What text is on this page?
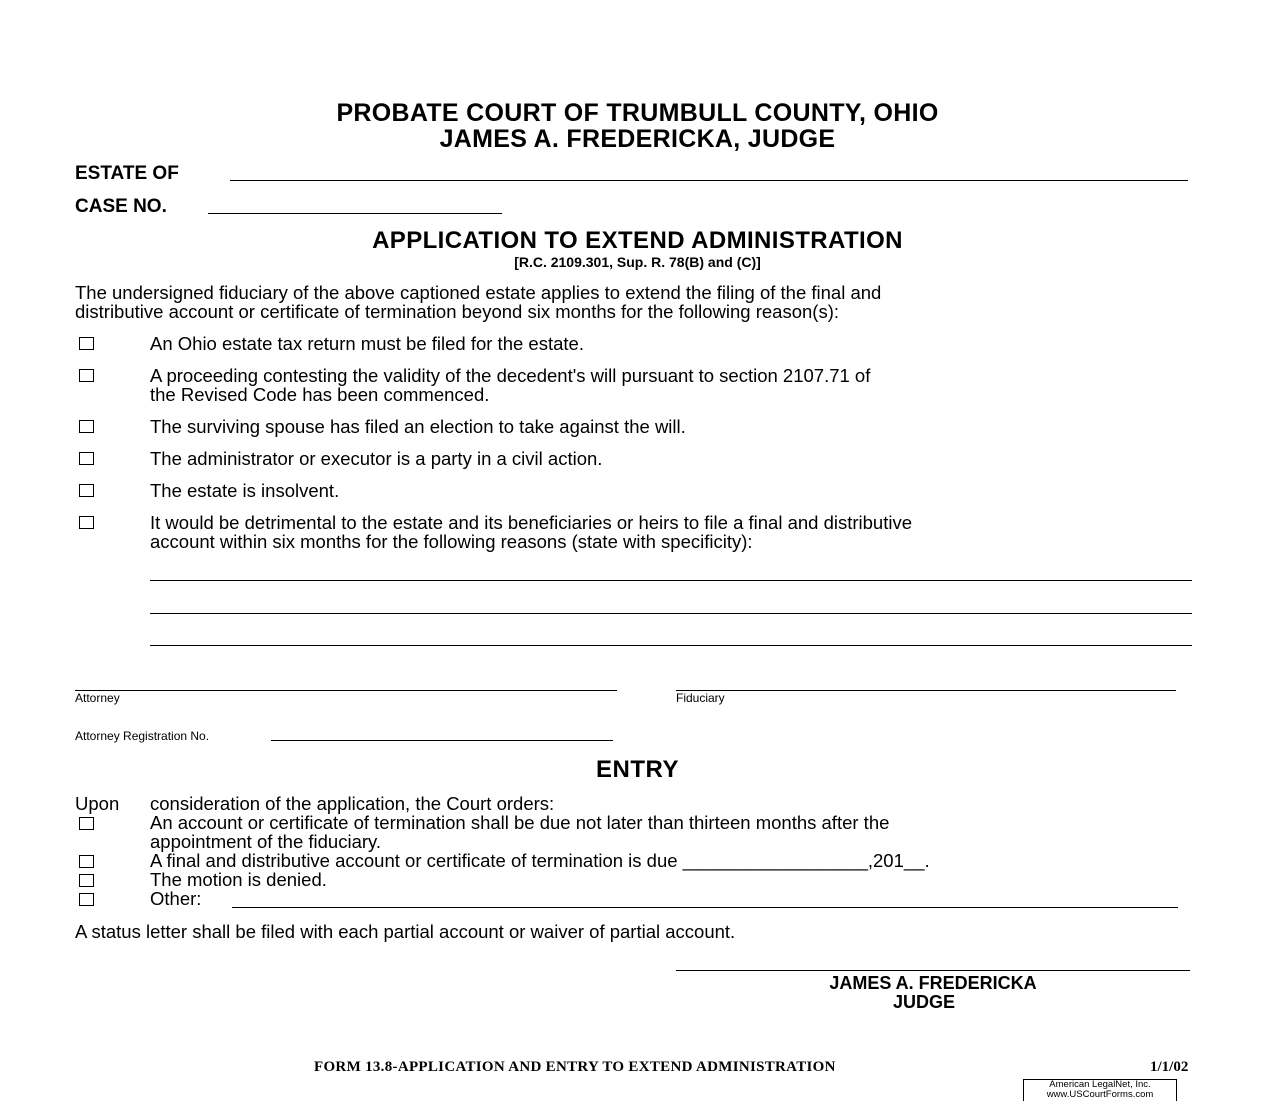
PROBATE COURT OF TRUMBULL COUNTY, OHIO
JAMES A. FREDERICKA, JUDGE
ESTATE OF
CASE NO.
APPLICATION TO EXTEND ADMINISTRATION
[R.C. 2109.301, Sup. R. 78(B) and (C)]
The undersigned fiduciary of the above captioned estate applies to extend the filing of the final and
distributive account or certificate of termination beyond six months for the following reason(s):
An Ohio estate tax return must be filed for the estate.
A proceeding contesting the validity of the decedent's will pursuant to section 2107.71 of
the Revised Code has been commenced.
The surviving spouse has filed an election to take against the will.
The administrator or executor is a party in a civil action.
The estate is insolvent.
It would be detrimental to the estate and its beneficiaries or heirs to file a final and distributive
account within six months for the following reasons (state with specificity):
Attorney	Fiduciary
Attorney Registration No.
ENTRY
Upon consideration of the application, the Court orders:
An account or certificate of termination shall be due not later than thirteen months after the
appointment of the fiduciary.
A final and distributive account or certificate of termination is due __________________,201__.
The motion is denied.
Other:
A status letter shall be filed with each partial account or waiver of partial account.
JAMES A. FREDERICKA
JUDGE
FORM 13.8-APPLICATION AND ENTRY TO EXTEND ADMINISTRATION	1/1/02
American LegalNet, Inc.
www.USCourtForms.com
